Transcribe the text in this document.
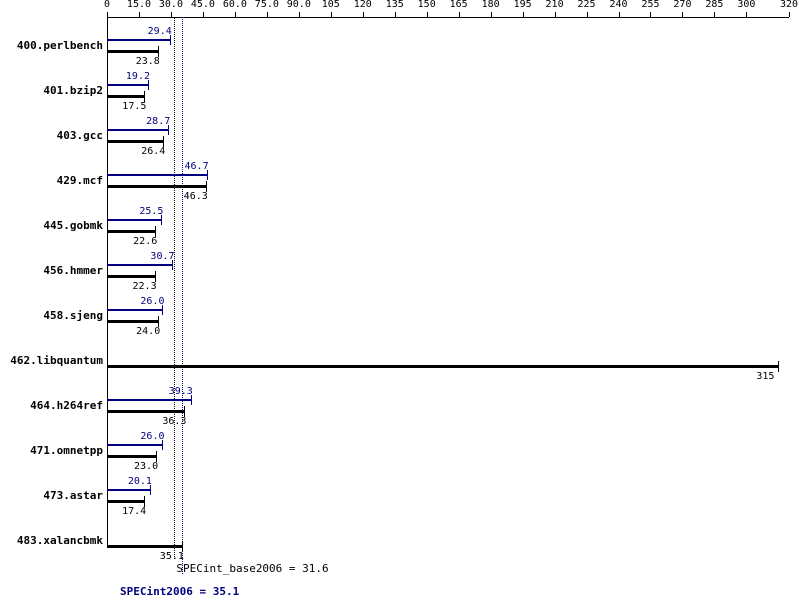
0	15.0 30.0 45.0 60.0 75.0 90.0	105	120	135	150	165	180	195	210	225	240	255	270	285	300	320
400.perlbench
29.4
23.8
401.bzip2
19.2
17.5
403.gcc
28.7
26.4
429.mcf
46.7
46.3
445.gobmk
25.5
22.6
456.hmmer
30.7
22.3
458.sjeng
26.0
24.0
462.libquantum
315
464.h264ref
39.3
36.3
471.omnetpp
26.0
23.0
473.astar
20.1
17.4
483.xalancbmk
35.1
SPECint_base2006 = 31.6
SPECint2006 = 35.1
